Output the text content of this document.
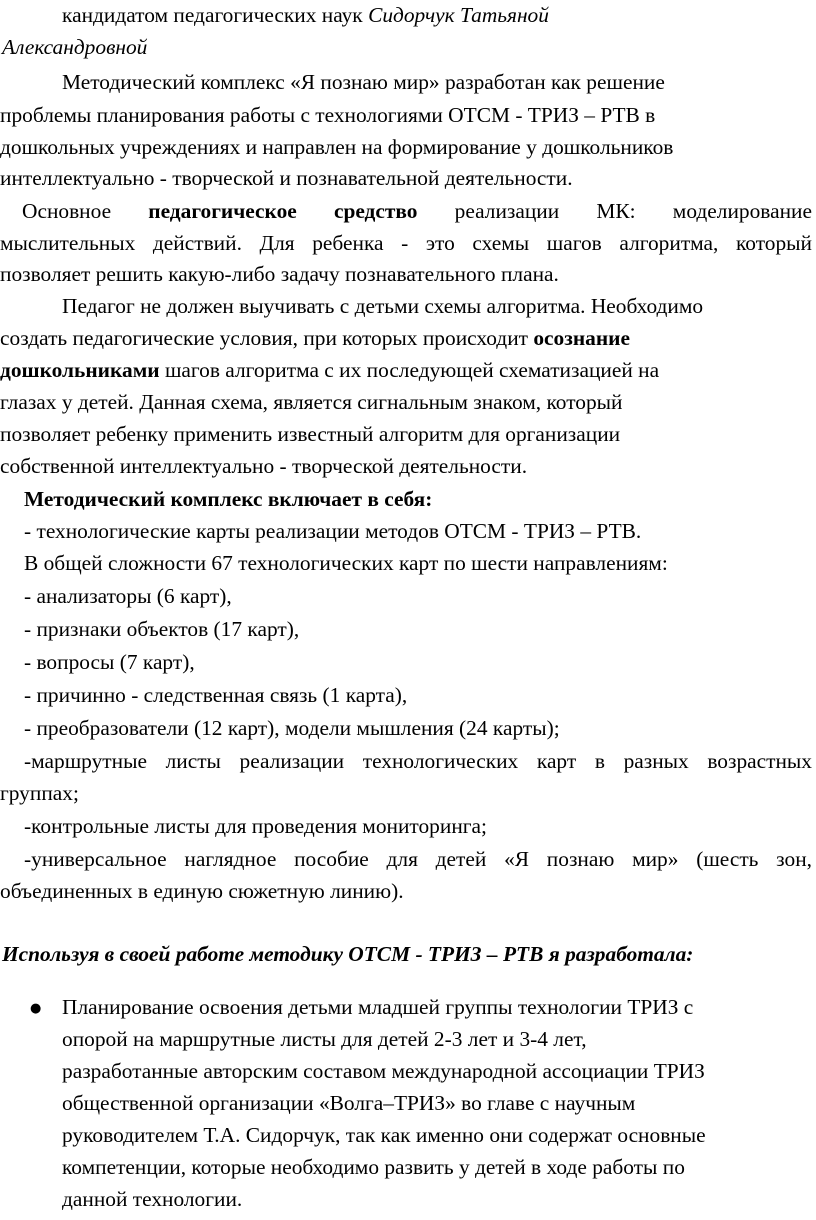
кандидатом педагогических наук Сидорчук Татьяной
Александровной
Методический комплекс «Я познаю мир» разработан как решение
проблемы планирования работы с технологиями ОТСМ - ТРИЗ – РТВ в
дошкольных учреждениях и направлен на формирование у дошкольников
интеллектуально - творческой и познавательной деятельности.
Основное педагогическое средство реализации МК: моделирование
мыслительных действий. Для ребенка - это схемы шагов алгоритма, который
позволяет решить какую-либо задачу познавательного плана.
Педагог не должен выучивать с детьми схемы алгоритма. Необходимо
создать педагогические условия, при которых происходит осознание
дошкольниками шагов алгоритма с их последующей схематизацией на
глазах у детей. Данная схема, является сигнальным знаком, который
позволяет ребенку применить известный алгоритм для организации
собственной интеллектуально - творческой деятельности.
Методический комплекс включает в себя:
- технологические карты реализации методов ОТСМ - ТРИЗ – РТВ.
В общей сложности 67 технологических карт по шести направлениям:
- анализаторы (6 карт),
- признаки объектов (17 карт),
- вопросы (7 карт),
- причинно - следственная связь (1 карта),
- преобразователи (12 карт), модели мышления (24 карты);
-маршрутные листы реализации технологических карт в разных возрастных
группах;
-контрольные листы для проведения мониторинга;
-универсальное наглядное пособие для детей «Я познаю мир» (шесть зон,
объединенных в единую сюжетную линию).
Используя в своей работе методику ОТСМ - ТРИЗ – РТВ я разработала:
● Планирование освоения детьми младшей группы технологии ТРИЗ с
опорой на маршрутные листы для детей 2-3 лет и 3-4 лет,
разработанные авторским составом международной ассоциации ТРИЗ
общественной организации «Волга–ТРИЗ» во главе с научным
руководителем Т.А. Сидорчук, так как именно они содержат основные
компетенции, которые необходимо развить у детей в ходе работы по
данной технологии.
